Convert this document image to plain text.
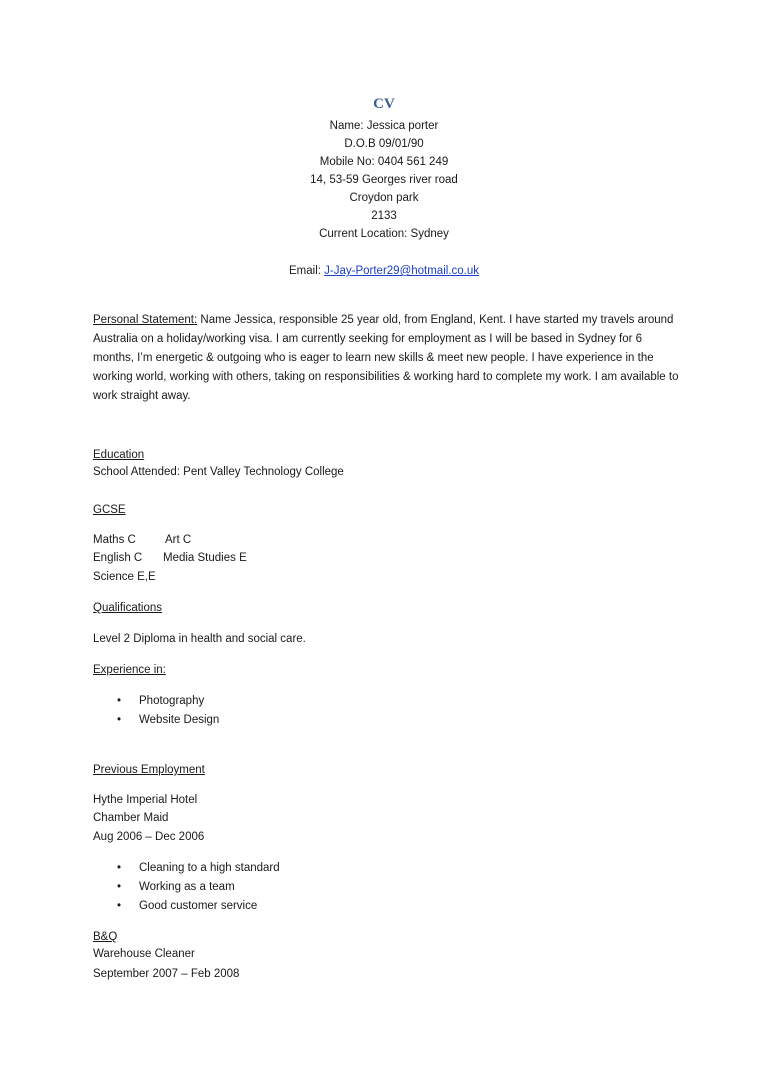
CV
Name: Jessica porter
D.O.B 09/01/90
Mobile No: 0404 561 249
14, 53-59 Georges river road
Croydon park
2133
Current Location: Sydney
Email: J-Jay-Porter29@hotmail.co.uk
Personal Statement: Name Jessica, responsible 25 year old, from England, Kent. I have started my travels around Australia on a holiday/working visa. I am currently seeking for employment as I will be based in Sydney for 6 months, I’m energetic & outgoing who is eager to learn new skills & meet new people. I have experience in the working world, working with others, taking on responsibilities & working hard to complete my work. I am available to work straight away.
Education
School Attended: Pent Valley Technology College
GCSE
Maths C	Art C
English C Media Studies E
Science E,E
Qualifications
Level 2 Diploma in health and social care.
Experience in:
• Photography
• Website Design
Previous Employment
Hythe Imperial Hotel
Chamber Maid
Aug 2006 – Dec 2006
• Cleaning to a high standard
• Working as a team
• Good customer service
B&Q
Warehouse Cleaner
September 2007 – Feb 2008
